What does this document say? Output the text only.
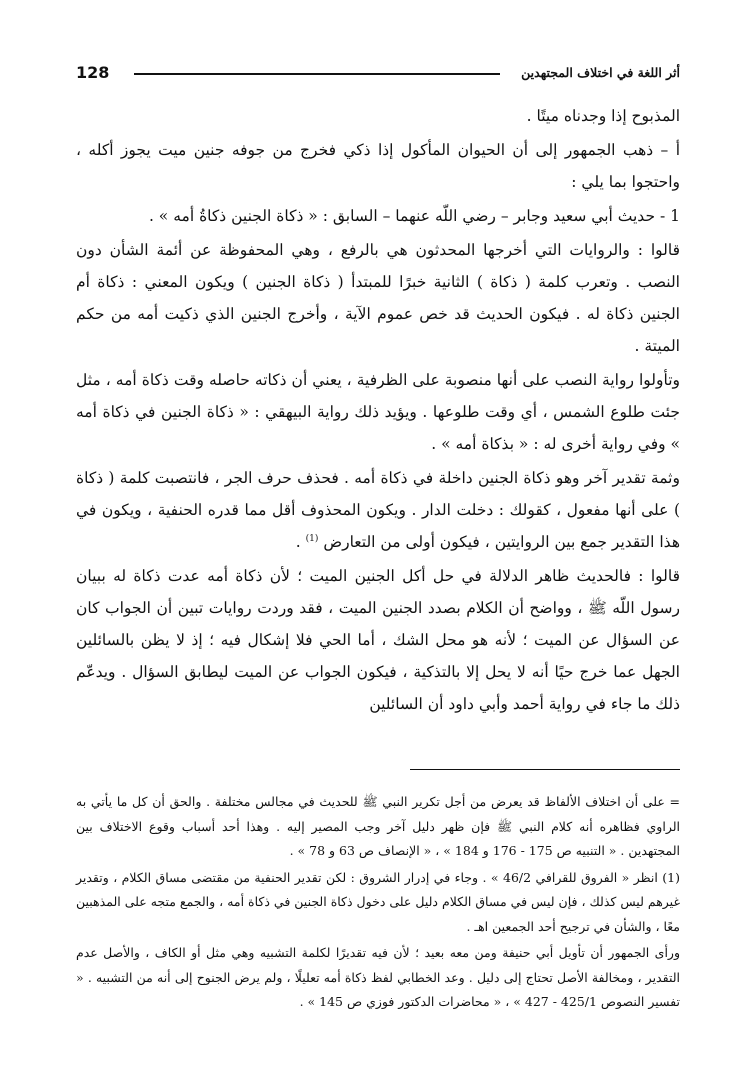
128	أثر اللغة في اختلاف المجتهدين

المذبوح إذا وجدناه ميتًا .

أ – ذهب الجمهور إلى أن الحيوان المأكول إذا ذكي فخرج من جوفه جنين ميت يجوز أكله ، واحتجوا بما يلي :

1 - حديث أبي سعيد وجابر – رضي اللّه عنهما – السابق : « ذكاة الجنين ذكاةُ أمه » .

قالوا : والروايات التي أخرجها المحدثون هي بالرفع ، وهي المحفوظة عن أئمة الشأن دون النصب . وتعرب كلمة ( ذكاة ) الثانية خبرًا للمبتدأ ( ذكاة الجنين ) ويكون المعني : ذكاة أم الجنين ذكاة له . فيكون الحديث قد خص عموم الآية ، وأخرج الجنين الذي ذكيت أمه من حكم الميتة .

وتأولوا رواية النصب على أنها منصوبة على الظرفية ، يعني أن ذكاته حاصله وقت ذكاة أمه ، مثل جئت طلوع الشمس ، أي وقت طلوعها . ويؤيد ذلك رواية البيهقي : « ذكاة الجنين في ذكاة أمه » وفي رواية أخرى له : « بذكاة أمه » .

وثمة تقدير آخر وهو ذكاة الجنين داخلة في ذكاة أمه . فحذف حرف الجر ، فانتصبت كلمة ( ذكاة ) على أنها مفعول ، كقولك : دخلت الدار . ويكون المحذوف أقل مما قدره الحنفية ، ويكون في هذا التقدير جمع بين الروايتين ، فيكون أولى من التعارض $^{(1)}$ .

قالوا : فالحديث ظاهر الدلالة في حل أكل الجنين الميت ؛ لأن ذكاة أمه عدت ذكاة له ببيان رسول اللّه ﷺ ، وواضح أن الكلام بصدد الجنين الميت ، فقد وردت روايات تبين أن الجواب كان عن السؤال عن الميت ؛ لأنه هو محل الشك ، أما الحي فلا إشكال فيه ؛ إذ لا يظن بالسائلين الجهل عما خرج حيًا أنه لا يحل إلا بالتذكية ، فيكون الجواب عن الميت ليطابق السؤال . ويدعّم ذلك ما جاء في رواية أحمد وأبي داود أن السائلين

= على أن اختلاف الألفاظ قد يعرض من أجل تكرير النبي ﷺ للحديث في مجالس مختلفة . والحق أن كل ما يأتي به الراوي فظاهره أنه كلام النبي ﷺ فإن ظهر دليل آخر وجب المصير إليه . وهذا أحد أسباب وقوع الاختلاف بين المجتهدين . « التنبيه ص 175 - 176 و 184 » ، « الإنصاف ص 63 و 78 » .

(1) انظر « الفروق للقرافي 46/2 » . وجاء في إدرار الشروق : لكن تقدير الحنفية من مقتضى مساق الكلام ، وتقدير غيرهم ليس كذلك ، فإن ليس في مساق الكلام دليل على دخول ذكاة الجنين في ذكاة أمه ، والجمع متجه على المذهبين معًا ، والشأن في ترجيح أحد الجمعين اهـ .

ورأى الجمهور أن تأويل أبي حنيفة ومن معه بعيد ؛ لأن فيه تقديرًا لكلمة التشبيه وهي مثل أو الكاف ، والأصل عدم التقدير ، ومخالفة الأصل تحتاج إلى دليل . وعد الخطابي لفظ ذكاة أمه تعليلًا ، ولم يرض الجنوح إلى أنه من التشبيه . « تفسير النصوص 425/1 - 427 » ، « محاضرات الدكتور فوزي ص 145 » .
